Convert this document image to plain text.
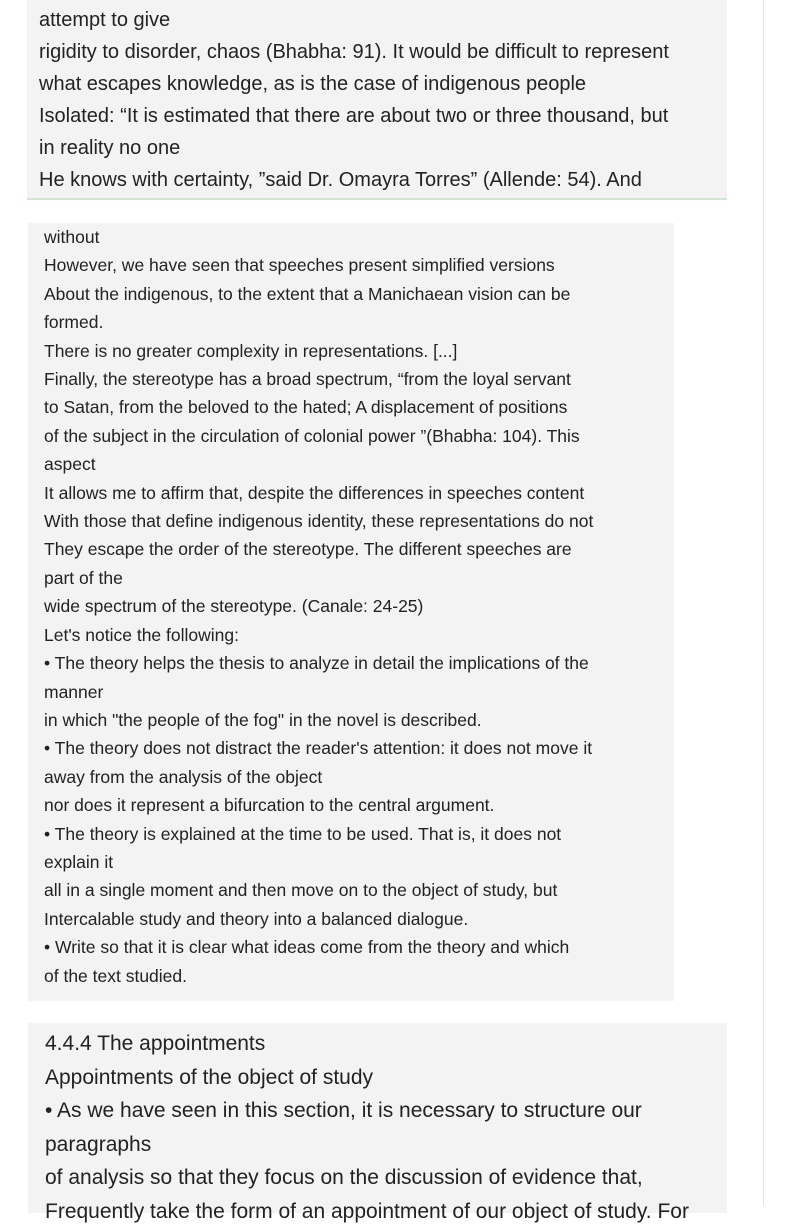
attempt to give
rigidity to disorder, chaos (Bhabha: 91). It would be difficult to represent
what escapes knowledge, as is the case of indigenous people
Isolated: “It is estimated that there are about two or three thousand, but
in reality no one
He knows with certainty, ”said Dr. Omayra Torres” (Allende: 54). And
without
However, we have seen that speeches present simplified versions
About the indigenous, to the extent that a Manichaean vision can be
formed.
There is no greater complexity in representations. [...]
Finally, the stereotype has a broad spectrum, “from the loyal servant
to Satan, from the beloved to the hated; A displacement of positions
of the subject in the circulation of colonial power ”(Bhabha: 104). This
aspect
It allows me to affirm that, despite the differences in speeches content
With those that define indigenous identity, these representations do not
They escape the order of the stereotype. The different speeches are
part of the
wide spectrum of the stereotype. (Canale: 24-25)
Let's notice the following:
• The theory helps the thesis to analyze in detail the implications of the
manner
in which "the people of the fog" in the novel is described.
• The theory does not distract the reader's attention: it does not move it
away from the analysis of the object
nor does it represent a bifurcation to the central argument.
• The theory is explained at the time to be used. That is, it does not
explain it
all in a single moment and then move on to the object of study, but
Intercalable study and theory into a balanced dialogue.
• Write so that it is clear what ideas come from the theory and which
of the text studied.
4.4.4 The appointments
Appointments of the object of study
• As we have seen in this section, it is necessary to structure our
paragraphs
of analysis so that they focus on the discussion of evidence that,
Frequently take the form of an appointment of our object of study. For
